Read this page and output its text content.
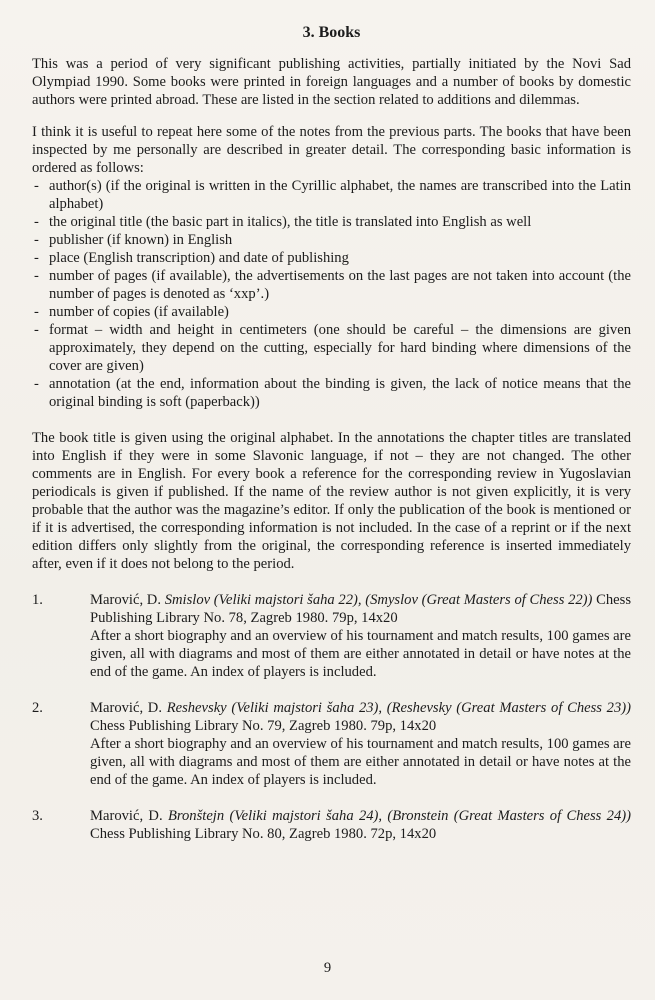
3. Books

This was a period of very significant publishing activities, partially initiated by the Novi Sad Olympiad 1990. Some books were printed in foreign languages and a number of books by domestic authors were printed abroad. These are listed in the section related to additions and dilemmas.

I think it is useful to repeat here some of the notes from the previous parts. The books that have been inspected by me personally are described in greater detail. The corresponding basic information is ordered as follows:

- author(s) (if the original is written in the Cyrillic alphabet, the names are transcribed into the Latin alphabet)
- the original title (the basic part in italics), the title is translated into English as well
- publisher (if known) in English
- place (English transcription) and date of publishing
- number of pages (if available), the advertisements on the last pages are not taken into account (the number of pages is denoted as ‘xxp’.)
- number of copies (if available)
- format – width and height in centimeters (one should be careful – the dimensions are given approximately, they depend on the cutting, especially for hard binding where dimensions of the cover are given)
- annotation (at the end, information about the binding is given, the lack of notice means that the original binding is soft (paperback))

The book title is given using the original alphabet. In the annotations the chapter titles are translated into English if they were in some Slavonic language, if not – they are not changed. The other comments are in English. For every book a reference for the corresponding review in Yugoslavian periodicals is given if published. If the name of the review author is not given explicitly, it is very probable that the author was the magazine’s editor. If only the publication of the book is mentioned or if it is advertised, the corresponding information is not included. In the case of a reprint or if the next edition differs only slightly from the original, the corresponding reference is inserted immediately after, even if it does not belong to the period.

1.	Marović, D. Smislov (Veliki majstori šaha 22), (Smyslov (Great Masters of Chess 22)) Chess Publishing Library No. 78, Zagreb 1980. 79p, 14x20
After a short biography and an overview of his tournament and match results, 100 games are given, all with diagrams and most of them are either annotated in detail or have notes at the end of the game. An index of players is included.
2.	Marović, D. Reshevsky (Veliki majstori šaha 23), (Reshevsky (Great Masters of Chess 23)) Chess Publishing Library No. 79, Zagreb 1980. 79p, 14x20
After a short biography and an overview of his tournament and match results, 100 games are given, all with diagrams and most of them are either annotated in detail or have notes at the end of the game. An index of players is included.
3.	Marović, D. Bronštejn (Veliki majstori šaha 24), (Bronstein (Great Masters of Chess 24)) Chess Publishing Library No. 80, Zagreb 1980. 72p, 14x20
9
